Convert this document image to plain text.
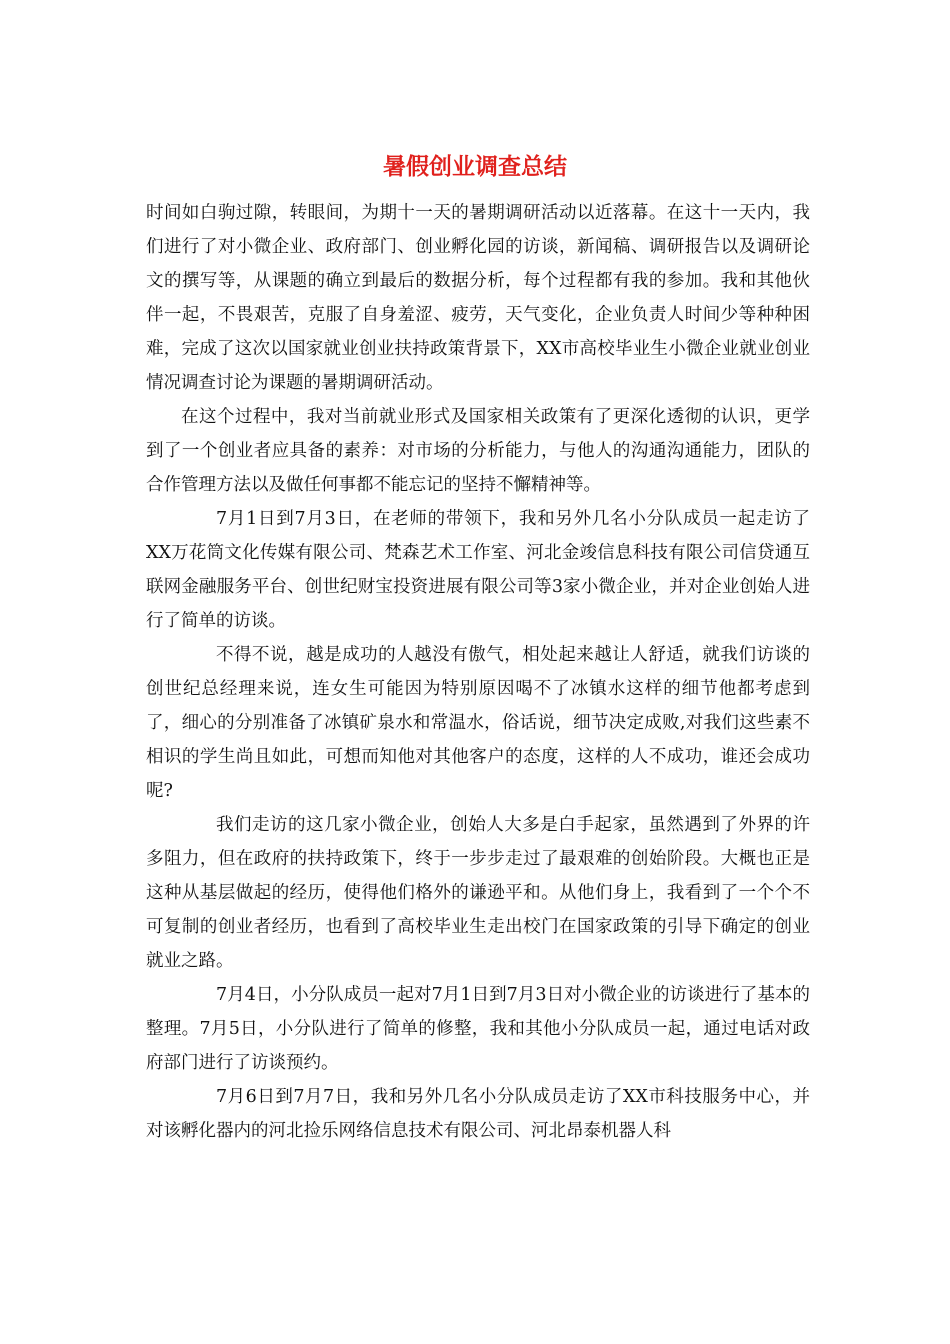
暑假创业调查总结

时间如白驹过隙，转眼间，为期十一天的暑期调研活动以近落幕。在这十一天内，我们进行了对小微企业、政府部门、创业孵化园的访谈，新闻稿、调研报告以及调研论文的撰写等，从课题的确立到最后的数据分析，每个过程都有我的参加。我和其他伙伴一起，不畏艰苦，克服了自身羞涩、疲劳，天气变化，企业负责人时间少等种种困难，完成了这次以国家就业创业扶持政策背景下，XX市高校毕业生小微企业就业创业情况调查讨论为课题的暑期调研活动。

在这个过程中，我对当前就业形式及国家相关政策有了更深化透彻的认识，更学到了一个创业者应具备的素养：对市场的分析能力，与他人的沟通沟通能力，团队的合作管理方法以及做任何事都不能忘记的坚持不懈精神等。

7月1日到7月3日，在老师的带领下，我和另外几名小分队成员一起走访了XX万花筒文化传媒有限公司、梵森艺术工作室、河北金竣信息科技有限公司信贷通互联网金融服务平台、创世纪财宝投资进展有限公司等3家小微企业，并对企业创始人进行了简单的访谈。

不得不说，越是成功的人越没有傲气，相处起来越让人舒适，就我们访谈的创世纪总经理来说，连女生可能因为特别原因喝不了冰镇水这样的细节他都考虑到了，细心的分别准备了冰镇矿泉水和常温水，俗话说，细节决定成败,对我们这些素不相识的学生尚且如此，可想而知他对其他客户的态度，这样的人不成功，谁还会成功呢?

我们走访的这几家小微企业，创始人大多是白手起家，虽然遇到了外界的许多阻力，但在政府的扶持政策下，终于一步步走过了最艰难的创始阶段。大概也正是这种从基层做起的经历，使得他们格外的谦逊平和。从他们身上，我看到了一个个不可复制的创业者经历，也看到了高校毕业生走出校门在国家政策的引导下确定的创业就业之路。

7月4日，小分队成员一起对7月1日到7月3日对小微企业的访谈进行了基本的整理。7月5日，小分队进行了简单的修整，我和其他小分队成员一起，通过电话对政府部门进行了访谈预约。

7月6日到7月7日，我和另外几名小分队成员走访了XX市科技服务中心，并对该孵化器内的河北捡乐网络信息技术有限公司、河北昂泰机器人科
